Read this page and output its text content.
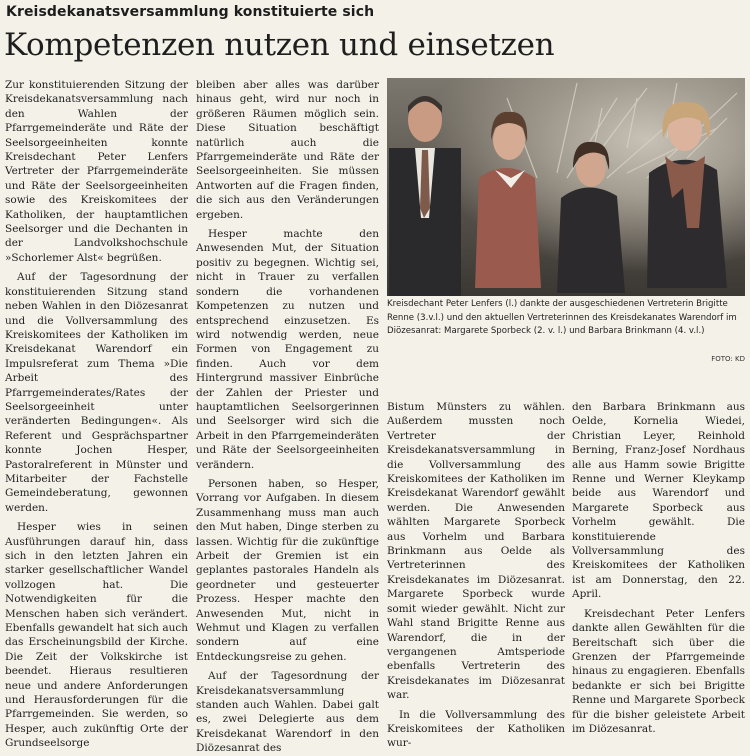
Kreisdekanatsversammlung konstituierte sich
Kompetenzen nutzen und einsetzen

Zur konstituierenden Sitzung der Kreisdekanatsversammlung nach den Wahlen der Pfarrgemeinderäte und Räte der Seelsorgeeinheiten konnte Kreisdechant Peter Lenfers Vertreter der Pfarrgemeinderäte und Räte der Seelsorgeeinheiten sowie des Kreiskomitees der Katholiken, der hauptamtlichen Seelsorger und die Dechanten in der Landvolkshochschule »Schorlemer Alst« begrüßen.

Auf der Tagesordnung der konstituierenden Sitzung stand neben Wahlen in den Diözesanrat und die Vollversammlung des Kreiskomitees der Katholiken im Kreisdekanat Warendorf ein Impulsreferat zum Thema »Die Arbeit des Pfarrgemeinderates/Rates der Seelsorgeeinheit unter veränderten Bedingungen«. Als Referent und Gesprächspartner konnte Jochen Hesper, Pastoralreferent in Münster und Mitarbeiter der Fachstelle Gemeindeberatung, gewonnen werden.

Hesper wies in seinen Ausführungen darauf hin, dass sich in den letzten Jahren ein starker gesellschaftlicher Wandel vollzogen hat. Die Notwendigkeiten für die Menschen haben sich verändert. Ebenfalls gewandelt hat sich auch das Erscheinungsbild der Kirche. Die Zeit der Volkskirche ist beendet. Hieraus resultieren neue und andere Anforderungen und Herausforderungen für die Pfarrgemeinden. Sie werden, so Hesper, auch zukünftig Orte der Grundseelsorge

bleiben aber alles was darüber hinaus geht, wird nur noch in größeren Räumen möglich sein. Diese Situation beschäftigt natürlich auch die Pfarrgemeinderäte und Räte der Seelsorgeeinheiten. Sie müssen Antworten auf die Fragen finden, die sich aus den Veränderungen ergeben.

Hesper machte den Anwesenden Mut, der Situation positiv zu begegnen. Wichtig sei, nicht in Trauer zu verfallen sondern die vorhandenen Kompetenzen zu nutzen und entsprechend einzusetzen. Es wird notwendig werden, neue Formen von Engagement zu finden. Auch vor dem Hintergrund massiver Einbrüche der Zahlen der Priester und hauptamtlichen Seelsorgerinnen und Seelsorger wird sich die Arbeit in den Pfarrgemeinderäten und Räte der Seelsorgeeinheiten verändern.

Personen haben, so Hesper, Vorrang vor Aufgaben. In diesem Zusammenhang muss man auch den Mut haben, Dinge sterben zu lassen. Wichtig für die zukünftige Arbeit der Gremien ist ein geplantes pastorales Handeln als geordneter und gesteuerter Prozess. Hesper machte den Anwesenden Mut, nicht in Wehmut und Klagen zu verfallen sondern auf eine Entdeckungsreise zu gehen.

Auf der Tagesordnung der Kreisdekanatsversammlung standen auch Wahlen. Dabei galt es, zwei Delegierte aus dem Kreisdekanat Warendorf in den Diözesanrat des

Kreisdechant Peter Lenfers (l.) dankte der ausgeschiedenen Vertreterin Brigitte Renne (3.v.l.) und den aktuellen Vertreterinnen des Kreisdekanates Warendorf im Diözesanrat: Margarete Sporbeck (2. v. l.) und Barbara Brinkmann (4. v.l.)
FOTO: KD

Bistum Münsters zu wählen. Außerdem mussten noch Vertreter der Kreisdekanatsversammlung in die Vollversammlung des Kreiskomitees der Katholiken im Kreisdekanat Warendorf gewählt werden. Die Anwesenden wählten Margarete Sporbeck aus Vorhelm und Barbara Brinkmann aus Oelde als Vertreterinnen des Kreisdekanates im Diözesanrat. Margarete Sporbeck wurde somit wieder gewählt. Nicht zur Wahl stand Brigitte Renne aus Warendorf, die in der vergangenen Amtsperiode ebenfalls Vertreterin des Kreisdekanates im Diözesanrat war.

In die Vollversammlung des Kreiskomitees der Katholiken wur-

den Barbara Brinkmann aus Oelde, Kornelia Wiedei, Christian Leyer, Reinhold Berning, Franz-Josef Nordhaus alle aus Hamm sowie Brigitte Renne und Werner Kleykamp beide aus Warendorf und Margarete Sporbeck aus Vorhelm gewählt. Die konstituierende Vollversammlung des Kreiskomitees der Katholiken ist am Donnerstag, den 22. April.

Kreisdechant Peter Lenfers dankte allen Gewählten für die Bereitschaft sich über die Grenzen der Pfarrgemeinde hinaus zu engagieren. Ebenfalls bedankte er sich bei Brigitte Renne und Margarete Sporbeck für die bisher geleistete Arbeit im Diözesanrat.
